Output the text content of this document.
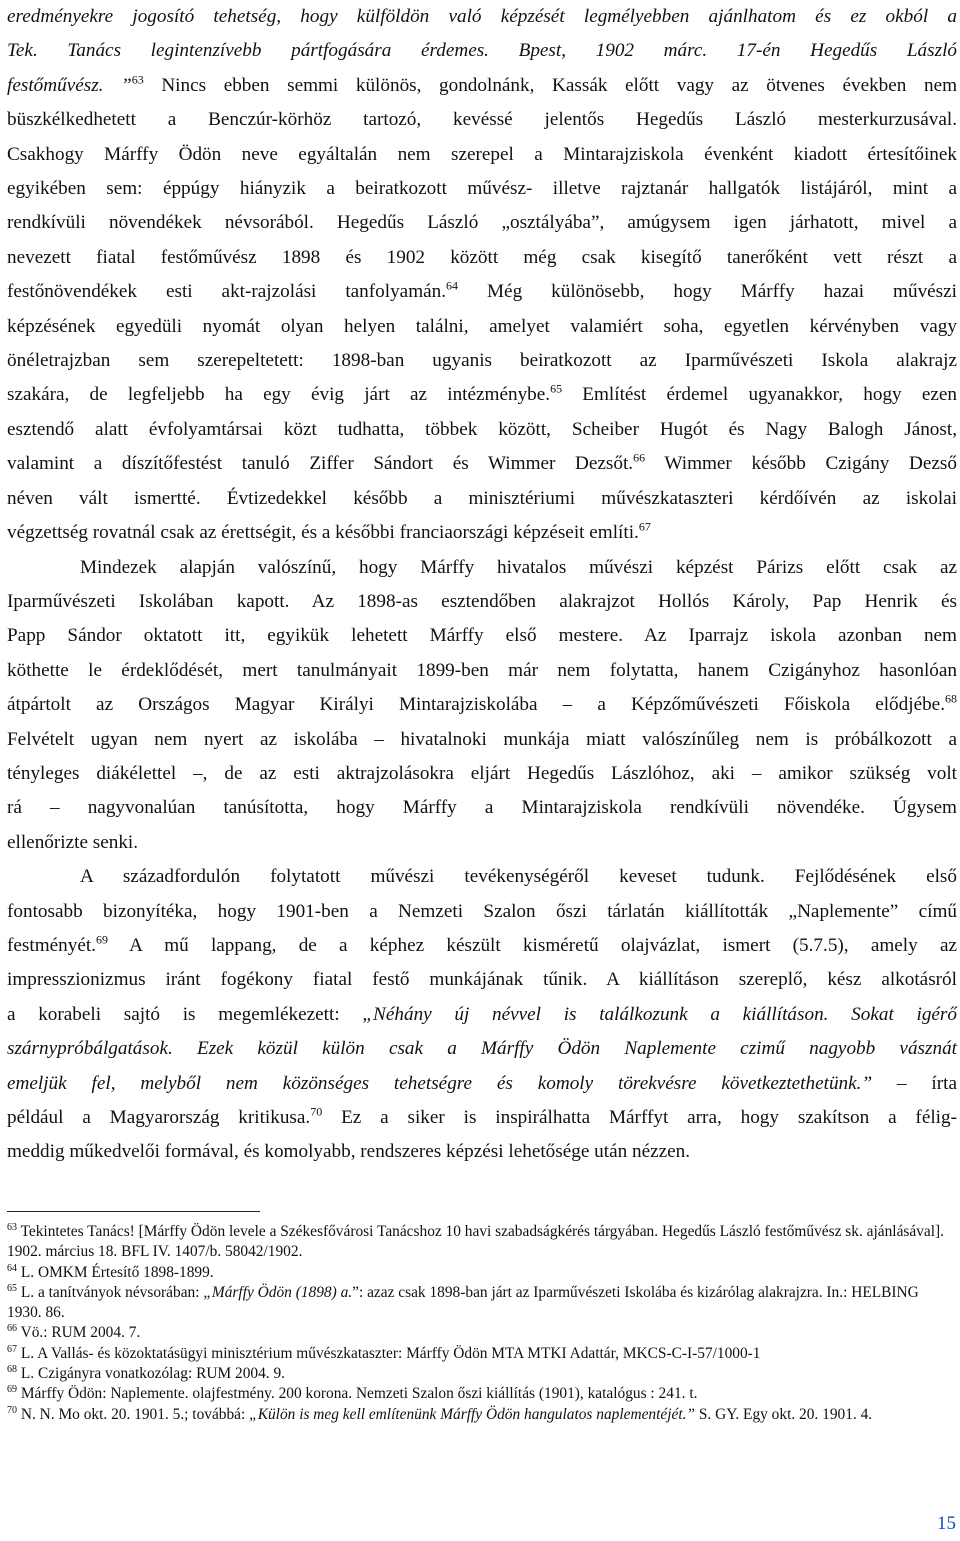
eredményekre jogosító tehetség, hogy külföldön való képzését legmélyebben ajánlhatom és ez okból a
Tek. Tanács legintenzívebb pártfogására érdemes. Bpest, 1902 márc. 17-én Hegedűs László
festőművész. ”$^{63}$ Nincs ebben semmi különös, gondolnánk, Kassák előtt vagy az ötvenes években nem
büszkélkedhetett a Benczúr-körhöz tartozó, kevéssé jelentős Hegedűs László mesterkurzusával.
Csakhogy Márffy Ödön neve egyáltalán nem szerepel a Mintarajziskola évenként kiadott értesítőinek
egyikében sem: éppúgy hiányzik a beiratkozott művész- illetve rajztanár hallgatók listájáról, mint a
rendkívüli növendékek névsorából. Hegedűs László „osztályába”, amúgysem igen járhatott, mivel a
nevezett fiatal festőművész 1898 és 1902 között még csak kisegítő tanerőként vett részt a
festőnövendékek esti akt-rajzolási tanfolyamán.$^{64}$ Még különösebb, hogy Márffy hazai művészi
képzésének egyedüli nyomát olyan helyen találni, amelyet valamiért soha, egyetlen kérvényben vagy
önéletrajzban sem szerepeltetett: 1898-ban ugyanis beiratkozott az Iparművészeti Iskola alakrajz
szakára, de legfeljebb ha egy évig járt az intézménybe.$^{65}$ Említést érdemel ugyanakkor, hogy ezen
esztendő alatt évfolyamtársai közt tudhatta, többek között, Scheiber Hugót és Nagy Balogh Jánost,
valamint a díszítőfestést tanuló Ziffer Sándort és Wimmer Dezsőt.$^{66}$ Wimmer később Czigány Dezső
néven vált ismertté. Évtizedekkel később a minisztériumi művészkataszteri kérdőívén az iskolai
végzettség rovatnál csak az érettségit, és a későbbi franciaországi képzéseit említi.$^{67}$
Mindezek alapján valószínű, hogy Márffy hivatalos művészi képzést Párizs előtt csak az
Iparművészeti Iskolában kapott. Az 1898-as esztendőben alakrajzot Hollós Károly, Pap Henrik és
Papp Sándor oktatott itt, egyikük lehetett Márffy első mestere. Az Iparrajz iskola azonban nem
köthette le érdeklődését, mert tanulmányait 1899-ben már nem folytatta, hanem Czigányhoz hasonlóan
átpártolt az Országos Magyar Királyi Mintarajziskolába – a Képzőművészeti Főiskola elődjébe.$^{68}$
Felvételt ugyan nem nyert az iskolába – hivatalnoki munkája miatt valószínűleg nem is próbálkozott a
tényleges diákélettel –, de az esti aktrajzolásokra eljárt Hegedűs Lászlóhoz, aki – amikor szükség volt
rá – nagyvonalúan tanúsította, hogy Márffy a Mintarajziskola rendkívüli növendéke. Úgysem
ellenőrizte senki.
A századfordulón folytatott művészi tevékenységéről keveset tudunk. Fejlődésének első
fontosabb bizonyítéka, hogy 1901-ben a Nemzeti Szalon őszi tárlatán kiállították „Naplemente” című
festményét.$^{69}$ A mű lappang, de a képhez készült kisméretű olajvázlat, ismert (5.7.5), amely az
impresszionizmus iránt fogékony fiatal festő munkájának tűnik. A kiállításon szereplő, kész alkotásról
a korabeli sajtó is megemlékezett: „Néhány új névvel is találkozunk a kiállításon. Sokat igérő
szárnypróbálgatások. Ezek közül külön csak a Márffy Ödön Naplemente czimű nagyobb vásznát
emeljük fel, melyből nem közönséges tehetségre és komoly törekvésre következtethetünk.” – írta
például a Magyarország kritikusa.$^{70}$ Ez a siker is inspirálhatta Márffyt arra, hogy szakítson a félig-
meddig műkedvelői formával, és komolyabb, rendszeres képzési lehetősége után nézzen.

$^{63}$ Tekintetes Tanács! [Márffy Ödön levele a Székesfővárosi Tanácshoz 10 havi szabadságkérés tárgyában. Hegedűs László festőművész sk. ajánlásával]. 1902. március 18. BFL IV. 1407/b. 58042/1902.

$^{64}$ L. OMKM Értesítő 1898-1899.

$^{65}$ L. a tanítványok névsorában: „Márffy Ödön (1898) a.”: azaz csak 1898-ban járt az Iparművészeti Iskolába és kizárólag alakrajzra. In.: HELBING 1930. 86.

$^{66}$ Vö.: RUM 2004. 7.

$^{67}$ L. A Vallás- és közoktatásügyi minisztérium művészkataszter: Márffy Ödön MTA MTKI Adattár, MKCS-C-I-57/1000-1

$^{68}$ L. Czigányra vonatkozólag: RUM 2004. 9.

$^{69}$ Márffy Ödön: Naplemente. olajfestmény. 200 korona. Nemzeti Szalon őszi kiállítás (1901), katalógus : 241. t.

$^{70}$ N. N. Mo okt. 20. 1901. 5.; továbbá: „Külön is meg kell említenünk Márffy Ödön hangulatos naplementéjét.” S. GY. Egy okt. 20. 1901. 4.

15
